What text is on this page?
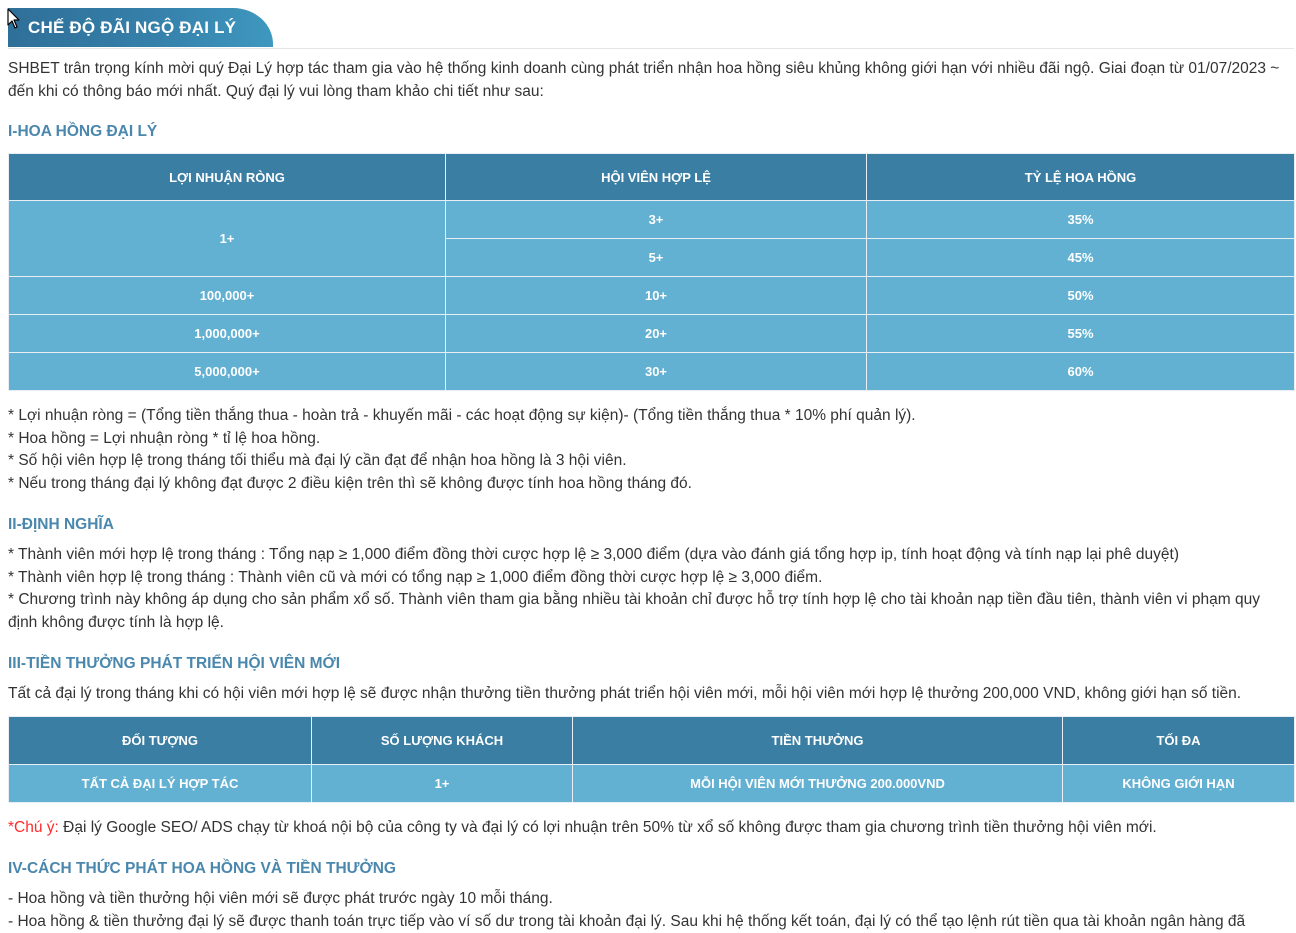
CHẾ ĐỘ ĐÃI NGỘ ĐẠI LÝ
SHBET trân trọng kính mời quý Đại Lý hợp tác tham gia vào hệ thống kinh doanh cùng phát triển nhận hoa hồng siêu khủng không giới hạn với nhiều đãi ngộ. Giai đoạn từ 01/07/2023 ~ đến khi có thông báo mới nhất. Quý đại lý vui lòng tham khảo chi tiết như sau:
I-HOA HỒNG ĐẠI LÝ
LỢI NHUẬN RÒNG	HỘI VIÊN HỢP LỆ	TỶ LỆ HOA HỒNG
1+	3+	35%
	5+	45%
100,000+	10+	50%
1,000,000+	20+	55%
5,000,000+	30+	60%
* Lợi nhuận ròng = (Tổng tiền thắng thua - hoàn trả - khuyến mãi - các hoạt động sự kiện)- (Tổng tiền thắng thua * 10% phí quản lý).
* Hoa hồng = Lợi nhuận ròng * tỉ lệ hoa hồng.
* Số hội viên hợp lệ trong tháng tối thiểu mà đại lý cần đạt để nhận hoa hồng là 3 hội viên.
* Nếu trong tháng đại lý không đạt được 2 điều kiện trên thì sẽ không được tính hoa hồng tháng đó.
II-ĐỊNH NGHĨA
* Thành viên mới hợp lệ trong tháng : Tổng nạp ≥ 1,000 điểm đồng thời cược hợp lệ ≥ 3,000 điểm (dựa vào đánh giá tổng hợp ip, tính hoạt động và tính nạp lại phê duyệt)
* Thành viên hợp lệ trong tháng : Thành viên cũ và mới có tổng nạp ≥ 1,000 điểm đồng thời cược hợp lệ ≥ 3,000 điểm.
* Chương trình này không áp dụng cho sản phẩm xổ số. Thành viên tham gia bằng nhiều tài khoản chỉ được hỗ trợ tính hợp lệ cho tài khoản nạp tiền đầu tiên, thành viên vi phạm quy định không được tính là hợp lệ.
III-TIỀN THƯỞNG PHÁT TRIỂN HỘI VIÊN MỚI
Tất cả đại lý trong tháng khi có hội viên mới hợp lệ sẽ được nhận thưởng tiền thưởng phát triển hội viên mới, mỗi hội viên mới hợp lệ thưởng 200,000 VND, không giới hạn số tiền.
ĐỐI TƯỢNG	SỐ LƯỢNG KHÁCH	TIỀN THƯỞNG	TỐI ĐA
TẤT CẢ ĐẠI LÝ HỢP TÁC	1+	MỖI HỘI VIÊN MỚI THƯỞNG 200.000VND	KHÔNG GIỚI HẠN
*Chú ý: Đại lý Google SEO/ ADS chạy từ khoá nội bộ của công ty và đại lý có lợi nhuận trên 50% từ xổ số không được tham gia chương trình tiền thưởng hội viên mới.
IV-CÁCH THỨC PHÁT HOA HỒNG VÀ TIỀN THƯỞNG
- Hoa hồng và tiền thưởng hội viên mới sẽ được phát trước ngày 10 mỗi tháng.
- Hoa hồng & tiền thưởng đại lý sẽ được thanh toán trực tiếp vào ví số dư trong tài khoản đại lý. Sau khi hệ thống kết toán, đại lý có thể tạo lệnh rút tiền qua tài khoản ngân hàng đã
